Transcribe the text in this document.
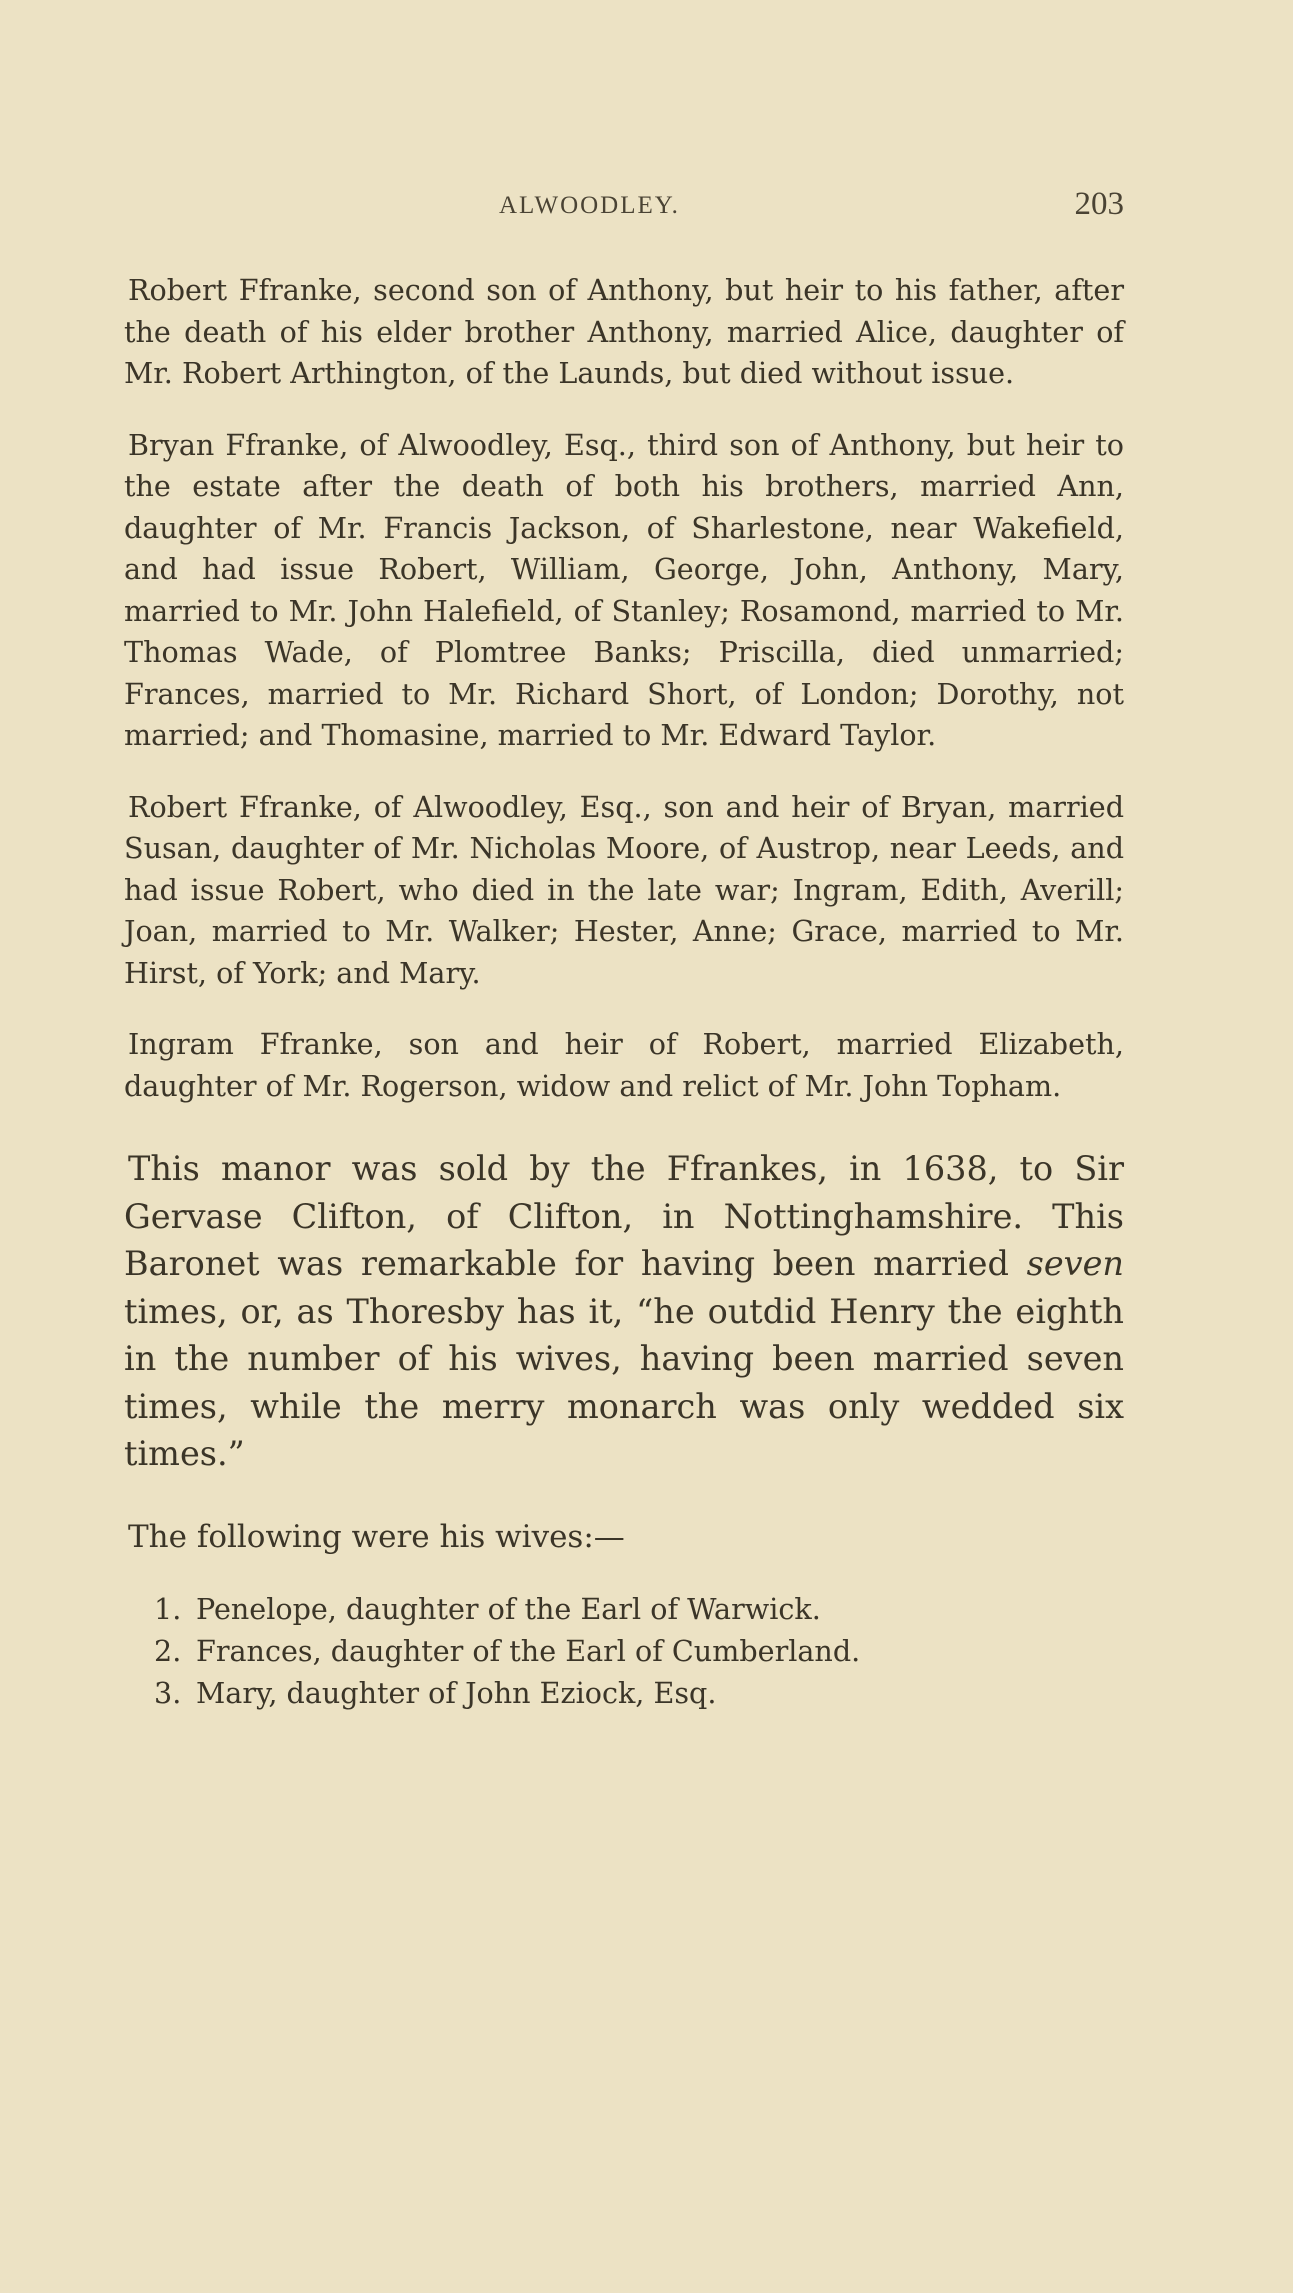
ALWOODLEY.	203

Robert Ffranke, second son of Anthony, but heir to his father, after the death of his elder brother Anthony, married Alice, daughter of Mr. Robert Arthington, of the Launds, but died without issue.

Bryan Ffranke, of Alwoodley, Esq., third son of Anthony, but heir to the estate after the death of both his brothers, married Ann, daughter of Mr. Francis Jackson, of Sharlestone, near Wakefield, and had issue Robert, William, George, John, Anthony, Mary, married to Mr. John Halefield, of Stanley; Rosamond, married to Mr. Thomas Wade, of Plomtree Banks; Priscilla, died unmarried; Frances, married to Mr. Richard Short, of London; Dorothy, not married; and Thomasine, married to Mr. Edward Taylor.

Robert Ffranke, of Alwoodley, Esq., son and heir of Bryan, married Susan, daughter of Mr. Nicholas Moore, of Austrop, near Leeds, and had issue Robert, who died in the late war; Ingram, Edith, Averill; Joan, married to Mr. Walker; Hester, Anne; Grace, married to Mr. Hirst, of York; and Mary.

Ingram Ffranke, son and heir of Robert, married Elizabeth, daughter of Mr. Rogerson, widow and relict of Mr. John Topham.

This manor was sold by the Ffrankes, in 1638, to Sir Gervase Clifton, of Clifton, in Nottinghamshire. This Baronet was remarkable for having been married seven times, or, as Thoresby has it, “he outdid Henry the eighth in the number of his wives, having been married seven times, while the merry monarch was only wedded six times.”

The following were his wives:—

1. Penelope, daughter of the Earl of Warwick.
2. Frances, daughter of the Earl of Cumberland.
3. Mary, daughter of John Eziock, Esq.
